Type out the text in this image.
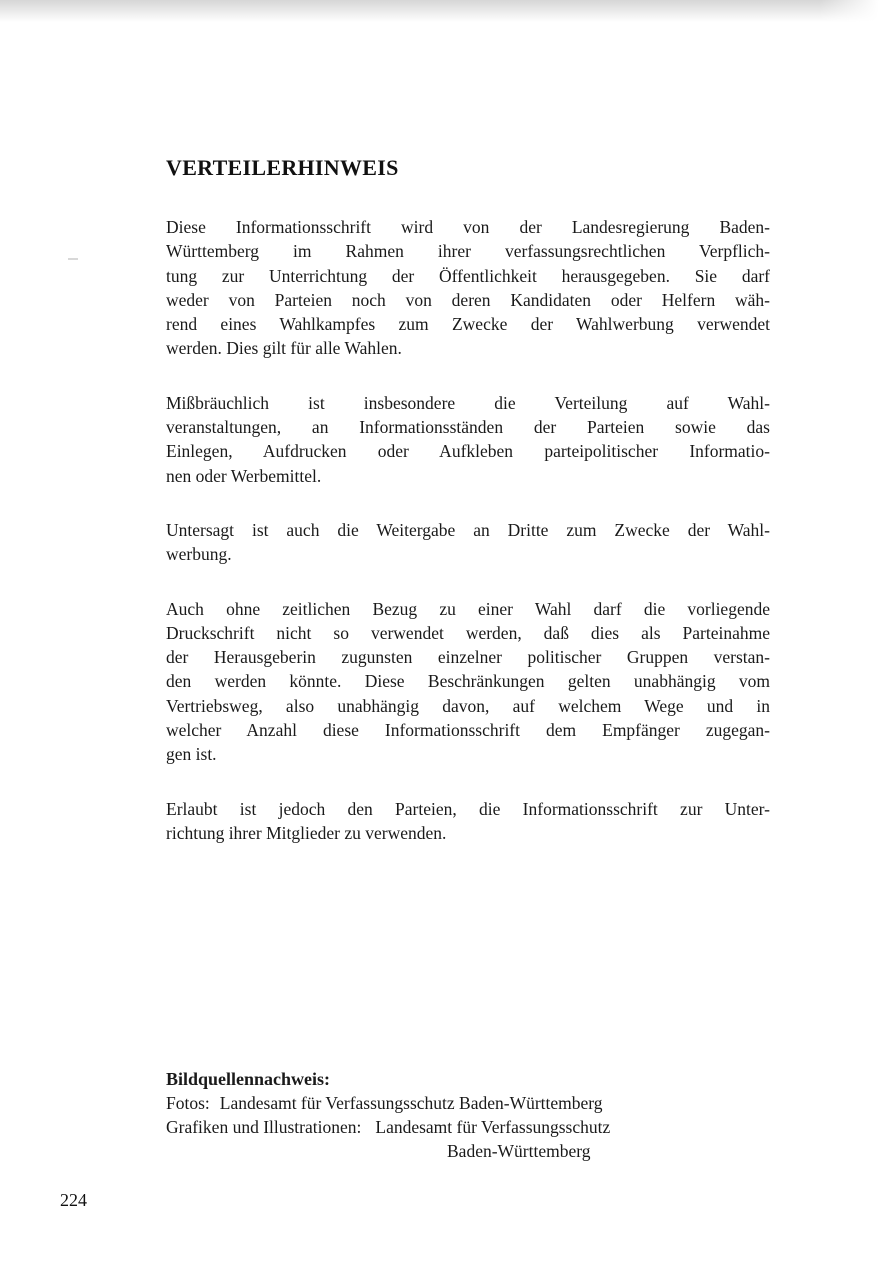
VERTEILERHINWEIS

Diese Informationsschrift wird von der Landesregierung Baden-
Württemberg im Rahmen ihrer verfassungsrechtlichen Verpflich-
tung zur Unterrichtung der Öffentlichkeit herausgegeben. Sie darf
weder von Parteien noch von deren Kandidaten oder Helfern wäh-
rend eines Wahlkampfes zum Zwecke der Wahlwerbung verwendet
werden. Dies gilt für alle Wahlen.

Mißbräuchlich ist insbesondere die Verteilung auf Wahl-
veranstaltungen, an Informationsständen der Parteien sowie das
Einlegen, Aufdrucken oder Aufkleben parteipolitischer Informatio-
nen oder Werbemittel.

Untersagt ist auch die Weitergabe an Dritte zum Zwecke der Wahl-
werbung.

Auch ohne zeitlichen Bezug zu einer Wahl darf die vorliegende
Druckschrift nicht so verwendet werden, daß dies als Parteinahme
der Herausgeberin zugunsten einzelner politischer Gruppen verstan-
den werden könnte. Diese Beschränkungen gelten unabhängig vom
Vertriebsweg, also unabhängig davon, auf welchem Wege und in
welcher Anzahl diese Informationsschrift dem Empfänger zugegan-
gen ist.

Erlaubt ist jedoch den Parteien, die Informationsschrift zur Unter-
richtung ihrer Mitglieder zu verwenden.

Bildquellennachweis:

Fotos: Landesamt für Verfassungsschutz Baden-Württemberg

Grafiken und Illustrationen: Landesamt für Verfassungsschutz

Baden-Württemberg

224
